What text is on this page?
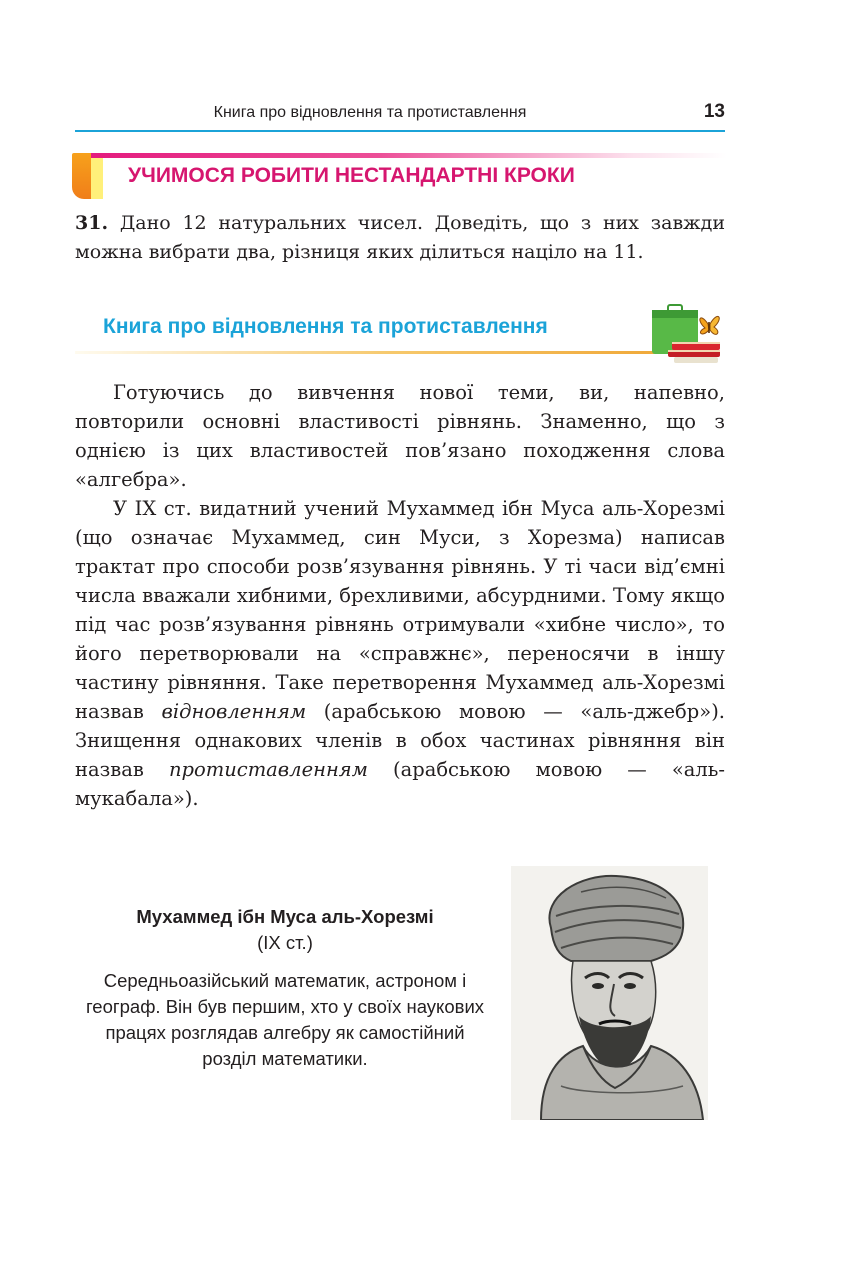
Книга про відновлення та протиставлення	13
УЧИМОСЯ РОБИТИ НЕСТАНДАРТНІ КРОКИ
31. Дано 12 натуральних чисел. Доведіть, що з них завжди можна вибрати два, різниця яких ділиться націло на 11.
Книга про відновлення та протиставлення

Готуючись до вивчення нової теми, ви, напевно, повторили основні властивості рівнянь. Знаменно, що з однією із цих властивостей пов’язано походження слова «алгебра».

У IX ст. видатний учений Мухаммед ібн Муса аль-Хорезмі (що означає Мухаммед, син Муси, з Хорезма) написав трактат про способи розв’язування рівнянь. У ті часи від’ємні числа вважали хибними, брехливими, абсурдними. Тому якщо під час розв’язування рівнянь отримували «хибне число», то його перетворювали на «справжнє», переносячи в іншу частину рівняння. Таке перетворення Мухаммед аль-Хорезмі назвав відновленням (арабською мовою — «аль-джебр»). Знищення однакових членів в обох частинах рівняння він назвав протиставленням (арабською мовою — «аль-мукабала»).

Мухаммед ібн Муса аль-Хорезмі
(IX ст.)
Середньоазійський математик, астроном і географ. Він був першим, хто у своїх наукових працях розглядав алгебру як самостійний розділ математики.
